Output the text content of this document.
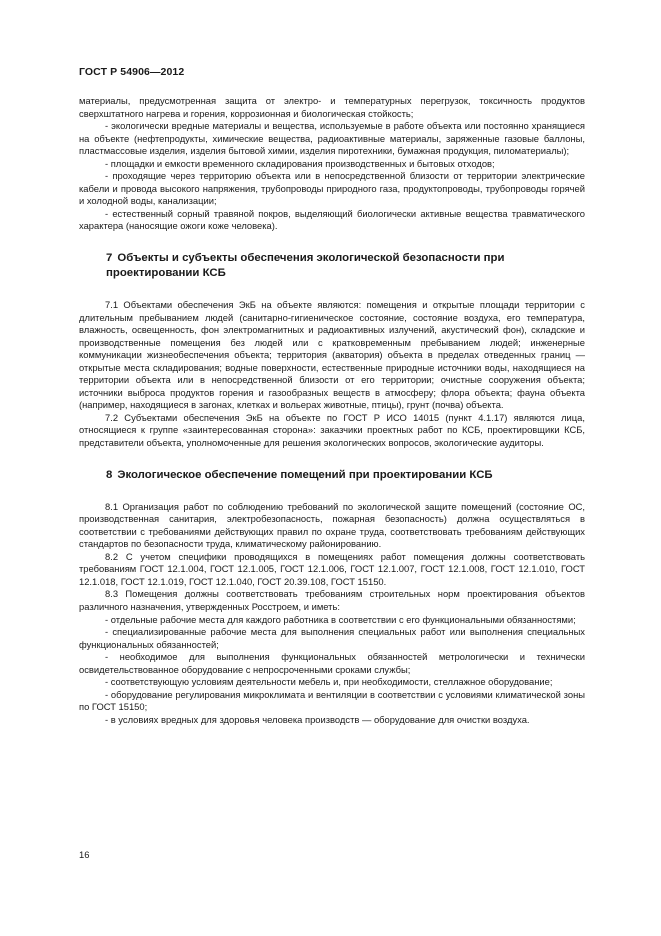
ГОСТ Р 54906—2012

материалы, предусмотренная защита от электро- и температурных перегрузок, токсичность продуктов сверхштатного нагрева и горения, коррозионная и биологическая стойкость;

- экологически вредные материалы и вещества, используемые в работе объекта или постоянно хранящиеся на объекте (нефтепродукты, химические вещества, радиоактивные материалы, заряженные газовые баллоны, пластмассовые изделия, изделия бытовой химии, изделия пиротехники, бумажная продукция, пиломатериалы);

- площадки и емкости временного складирования производственных и бытовых отходов;

- проходящие через территорию объекта или в непосредственной близости от территории электрические кабели и провода высокого напряжения, трубопроводы природного газа, продуктопроводы, трубопроводы горячей и холодной воды, канализации;

- естественный сорный травяной покров, выделяющий биологически активные вещества травматического характера (наносящие ожоги коже человека).

7 Объекты и субъекты обеспечения экологической безопасности при проектировании КСБ

7.1 Объектами обеспечения ЭкБ на объекте являются: помещения и открытые площади территории с длительным пребыванием людей (санитарно-гигиеническое состояние, состояние воздуха, его температура, влажность, освещенность, фон электромагнитных и радиоактивных излучений, акустический фон), складские и производственные помещения без людей или с кратковременным пребыванием людей; инженерные коммуникации жизнеобеспечения объекта; территория (акватория) объекта в пределах отведенных границ — открытые места складирования; водные поверхности, естественные природные источники воды, находящиеся на территории объекта или в непосредственной близости от его территории; очистные сооружения объекта; источники выброса продуктов горения и газообразных веществ в атмосферу; флора объекта; фауна объекта (например, находящиеся в загонах, клетках и вольерах животные, птицы), грунт (почва) объекта.

7.2 Субъектами обеспечения ЭкБ на объекте по ГОСТ Р ИСО 14015 (пункт 4.1.17) являются лица, относящиеся к группе «заинтересованная сторона»: заказчики проектных работ по КСБ, проектировщики КСБ, представители объекта, уполномоченные для решения экологических вопросов, экологические аудиторы.

8 Экологическое обеспечение помещений при проектировании КСБ

8.1 Организация работ по соблюдению требований по экологической защите помещений (состояние ОС, производственная санитария, электробезопасность, пожарная безопасность) должна осуществляться в соответствии с требованиями действующих правил по охране труда, соответствовать требованиям действующих стандартов по безопасности труда, климатическому районированию.

8.2 С учетом специфики проводящихся в помещениях работ помещения должны соответствовать требованиям ГОСТ 12.1.004, ГОСТ 12.1.005, ГОСТ 12.1.006, ГОСТ 12.1.007, ГОСТ 12.1.008, ГОСТ 12.1.010, ГОСТ 12.1.018, ГОСТ 12.1.019, ГОСТ 12.1.040, ГОСТ 20.39.108, ГОСТ 15150.

8.3 Помещения должны соответствовать требованиям строительных норм проектирования объектов различного назначения, утвержденных Росстроем, и иметь:

- отдельные рабочие места для каждого работника в соответствии с его функциональными обязанностями;

- специализированные рабочие места для выполнения специальных работ или выполнения специальных функциональных обязанностей;

- необходимое для выполнения функциональных обязанностей метрологически и технически освидетельствованное оборудование с непросроченными сроками службы;

- соответствующую условиям деятельности мебель и, при необходимости, стеллажное оборудование;

- оборудование регулирования микроклимата и вентиляции в соответствии с условиями климатической зоны по ГОСТ 15150;

- в условиях вредных для здоровья человека производств — оборудование для очистки воздуха.

16
